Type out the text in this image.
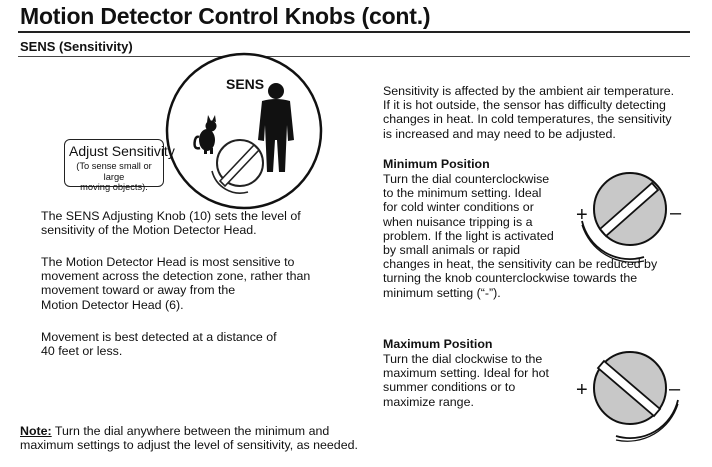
Motion Detector Control Knobs (cont.)
SENS (Sensitivity)
SENS
Adjust Sensitivity
(To sense small or large
moving objects).
The SENS Adjusting Knob (10) sets the level of
sensitivity of the Motion Detector Head.
The Motion Detector Head is most sensitive to
movement across the detection zone, rather than
movement toward or away from the
Motion Detector Head (6).
Movement is best detected at a distance of
40 feet or less.
Note: Turn the dial anywhere between the minimum and
maximum settings to adjust the level of sensitivity, as needed.
Sensitivity is affected by the ambient air temperature.
If it is hot outside, the sensor has difficulty detecting
changes in heat. In cold temperatures, the sensitivity
is increased and may need to be adjusted.
Minimum Position
Turn the dial counterclockwise
to the minimum setting. Ideal
for cold winter conditions or
when nuisance tripping is a
problem. If the light is activated
by small animals or rapid
changes in heat, the sensitivity can be reduced by
turning the knob counterclockwise towards the
minimum setting (“-”).
Maximum Position
Turn the dial clockwise to the
maximum setting. Ideal for hot
summer conditions or to
maximize range.
+	–
+	–
